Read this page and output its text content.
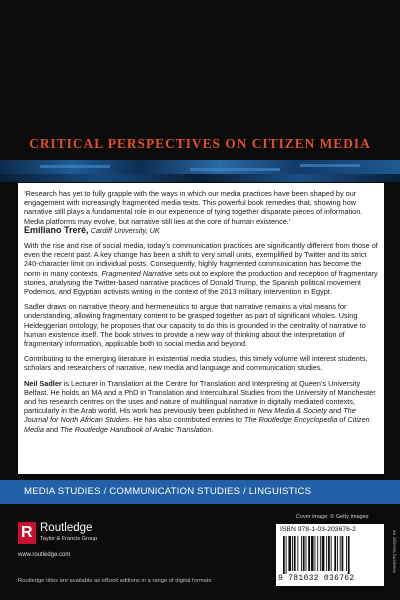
CRITICAL PERSPECTIVES ON CITIZEN MEDIA

‘Research has yet to fully grapple with the ways in which our media practices have been shaped by our engagement with increasingly fragmented media texts. This powerful book remedies that, showing how narrative still plays a fundamental role in our experience of tying together disparate pieces of information. Media platforms may evolve, but narrative still lies at the core of human existence.’
Emiliano Treré, Cardiff University, UK

With the rise and rise of social media, today’s communication practices are significantly different from those of even the recent past. A key change has been a shift to very small units, exemplified by Twitter and its strict 240-character limit on individual posts. Consequently, highly fragmented communication has become the norm in many contexts. Fragmented Narrative sets out to explore the production and reception of fragmentary stories, analysing the Twitter-based narrative practices of Donald Trump, the Spanish political movement Podemos, and Egyptian activists writing in the context of the 2013 military intervention in Egypt.

Sadler draws on narrative theory and hermeneutics to argue that narrative remains a vital means for understanding, allowing fragmentary content to be grasped together as part of significant wholes. Using Heideggerian ontology, he proposes that our capacity to do this is grounded in the centrality of narrative to human existence itself. The book strives to provide a new way of thinking about the interpretation of fragmentary information, applicable both to social media and beyond.

Contributing to the emerging literature in existential media studies, this timely volume will interest students, scholars and researchers of narrative, new media and language and communication studies.

Neil Sadler is Lecturer in Translation at the Centre for Translation and Interpreting at Queen’s University Belfast. He holds an MA and a PhD in Translation and Intercultural Studies from the University of Manchester and his research centres on the uses and nature of multilingual narrative in digitally mediated contexts, particularly in the Arab world. His work has previously been published in New Media & Society and The Journal for North African Studies. He has also contributed entries to The Routledge Encyclopedia of Citizen Media and The Routledge Handbook of Arabic Translation.

MEDIA STUDIES / COMMUNICATION STUDIES / LINGUISTICS
Cover image: © Getty Images
R Routledge
Taylor & Francis Group
www.routledge.com
Routledge titles are available as eBook editions in a range of digital formats
ISBN 978-1-03-203676-2
9 781032 036762
an informa business
